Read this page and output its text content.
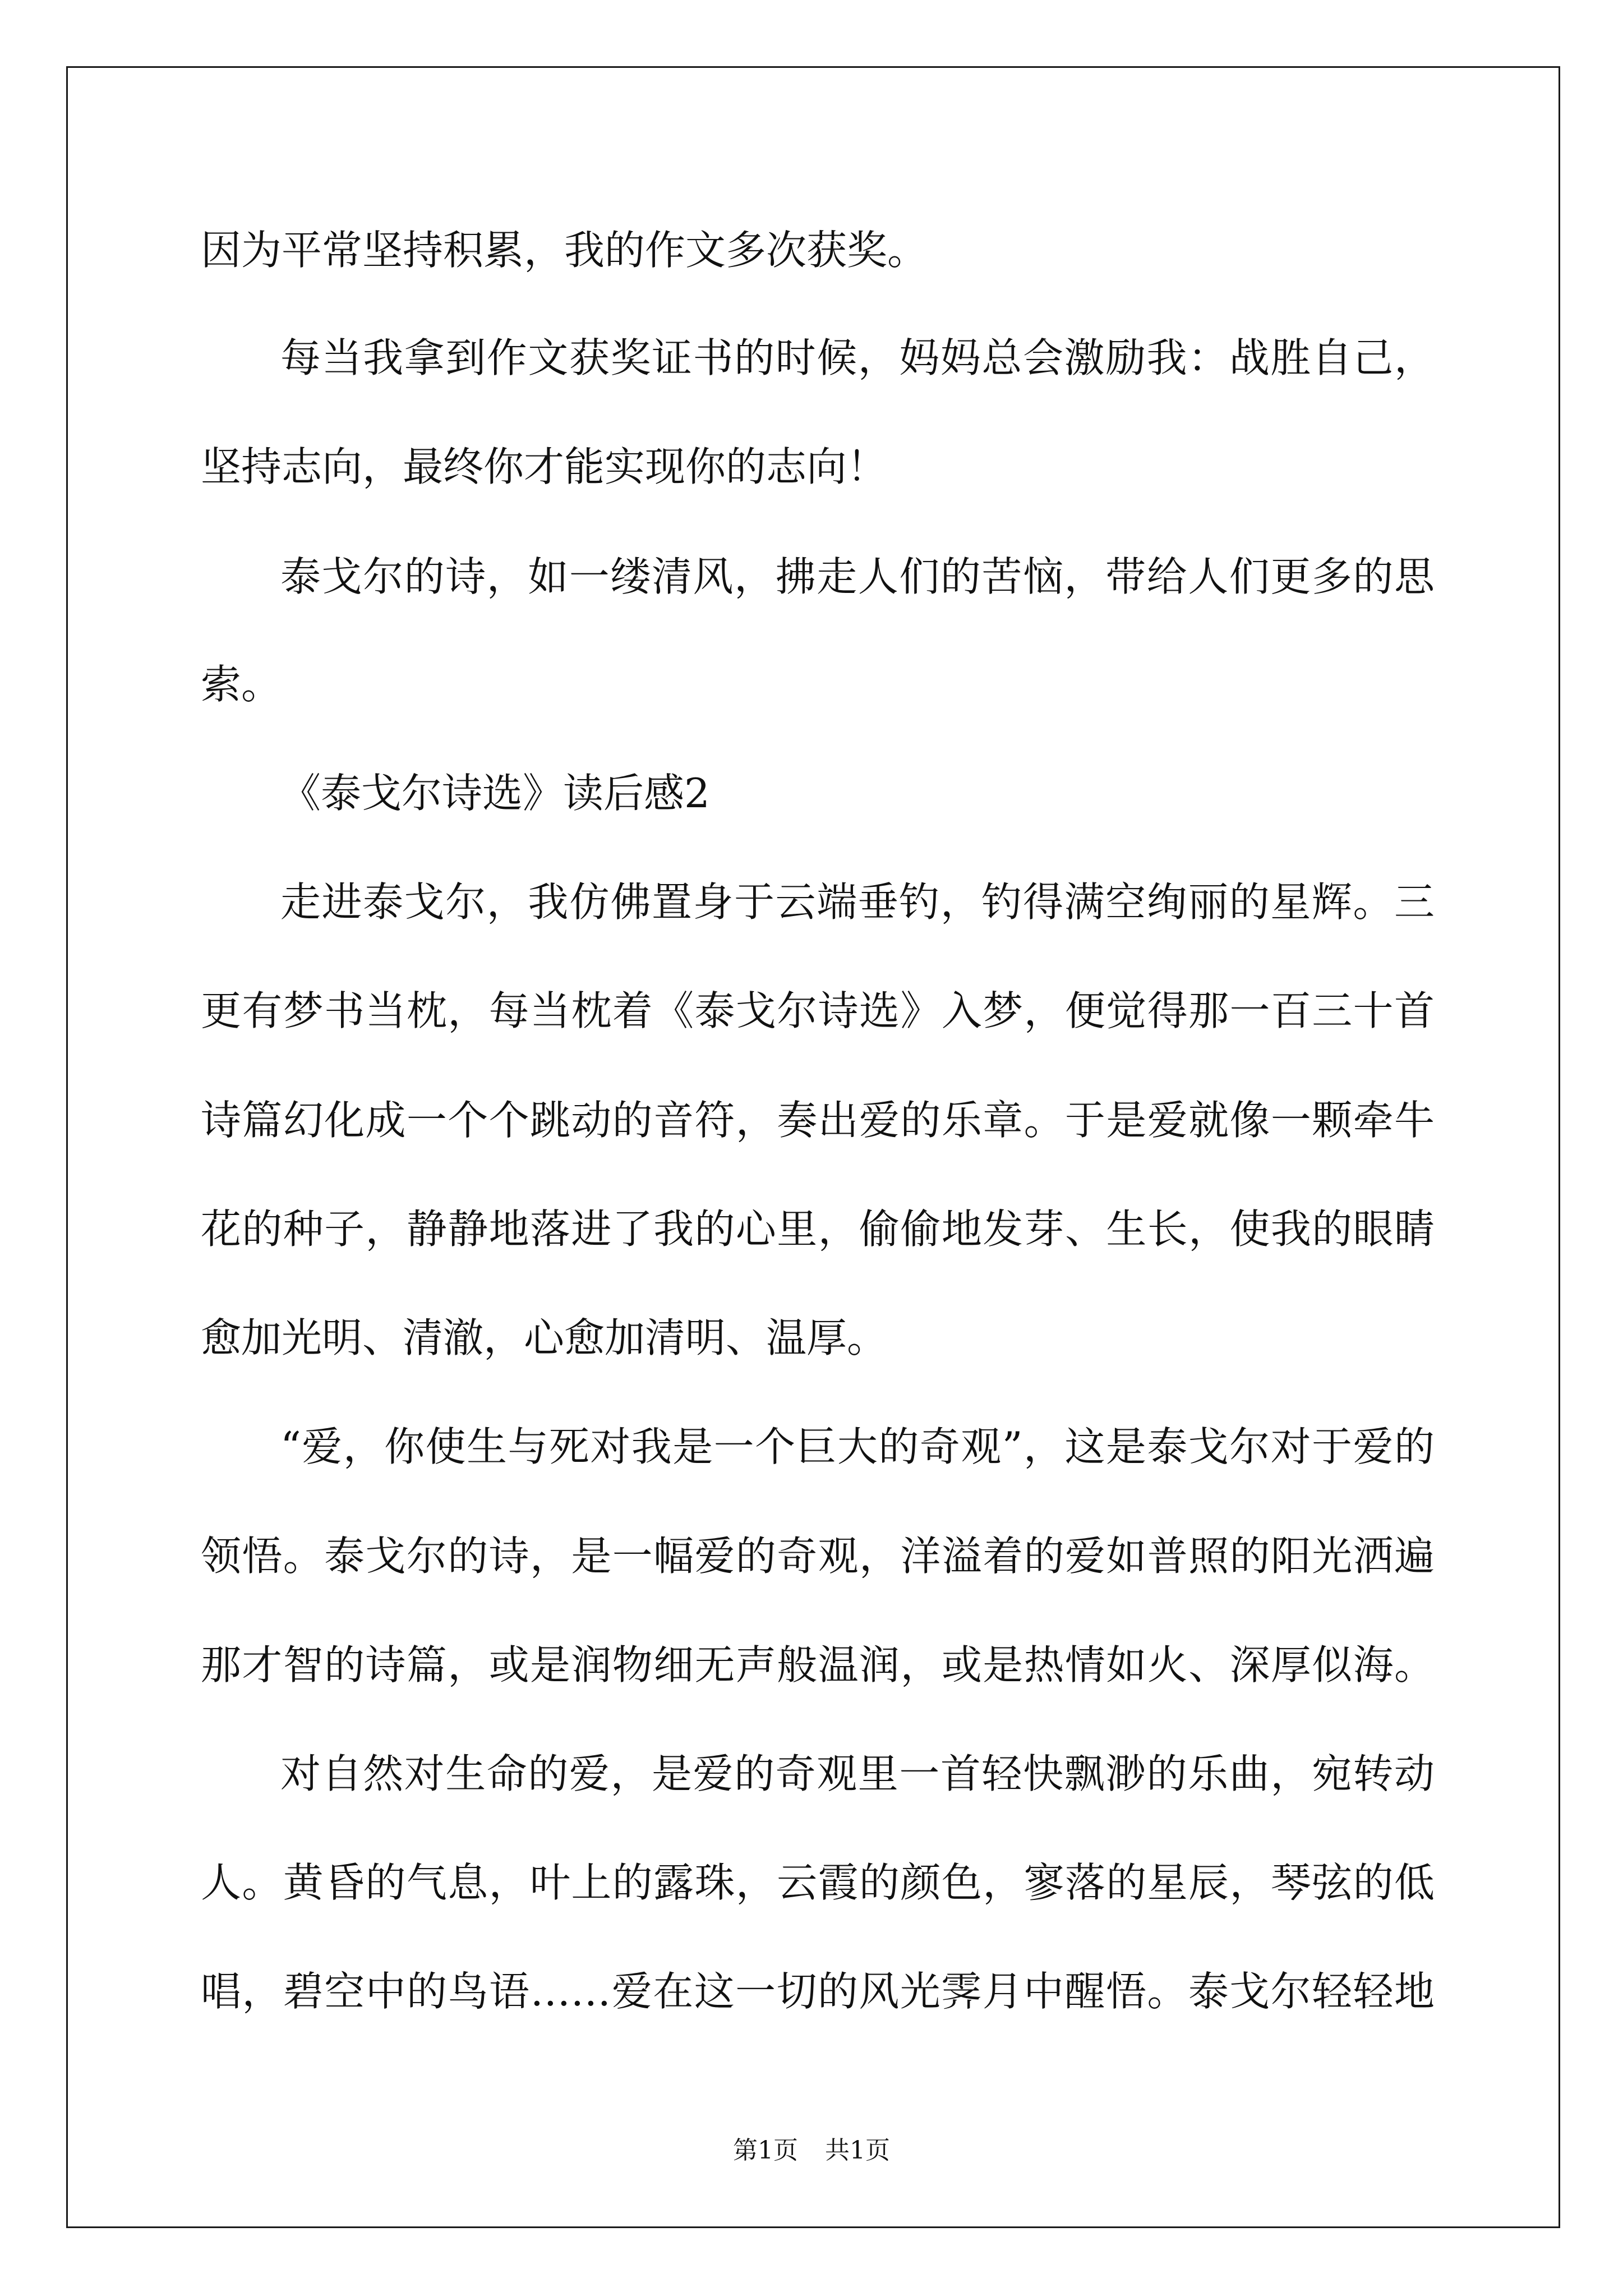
因为平常坚持积累，我的作文多次获奖。
每当我拿到作文获奖证书的时候，妈妈总会激励我：战胜自己，
坚持志向，最终你才能实现你的志向！
泰戈尔的诗，如一缕清风，拂走人们的苦恼，带给人们更多的思
索。
《泰戈尔诗选》读后感2
走进泰戈尔，我仿佛置身于云端垂钓，钓得满空绚丽的星辉。三
更有梦书当枕，每当枕着《泰戈尔诗选》入梦，便觉得那一百三十首
诗篇幻化成一个个跳动的音符，奏出爱的乐章。于是爱就像一颗牵牛
花的种子，静静地落进了我的心里，偷偷地发芽、生长，使我的眼睛
愈加光明、清澈，心愈加清明、温厚。
“爱，你使生与死对我是一个巨大的奇观”，这是泰戈尔对于爱的
领悟。泰戈尔的诗，是一幅爱的奇观，洋溢着的爱如普照的阳光洒遍
那才智的诗篇，或是润物细无声般温润，或是热情如火、深厚似海。
对自然对生命的爱，是爱的奇观里一首轻快飘渺的乐曲，宛转动
人。黄昏的气息，叶上的露珠，云霞的颜色，寥落的星辰，琴弦的低
唱，碧空中的鸟语……爱在这一切的风光霁月中醒悟。泰戈尔轻轻地
第1页 共1页
